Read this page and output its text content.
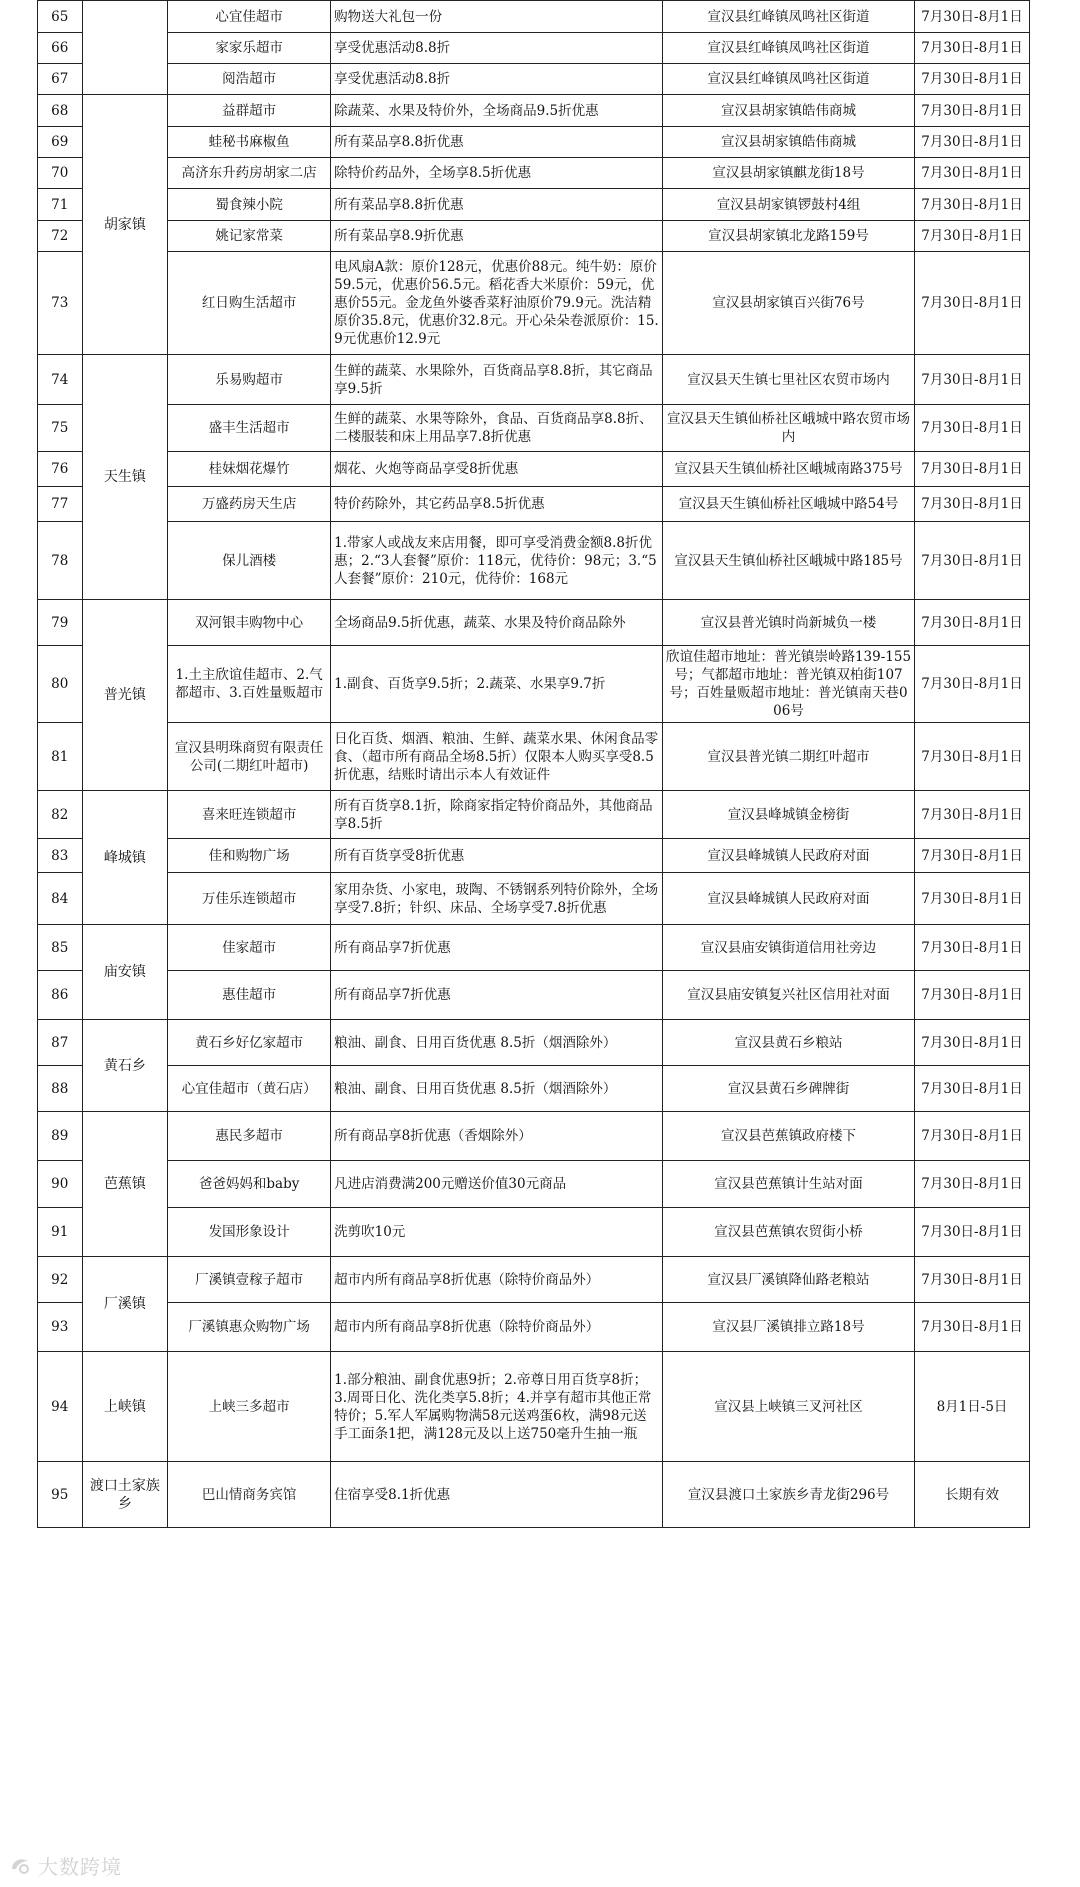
65		心宜佳超市	购物送大礼包一份	宣汉县红峰镇凤鸣社区街道	7月30日-8月1日
66		家家乐超市	享受优惠活动8.8折	宣汉县红峰镇凤鸣社区街道	7月30日-8月1日
67		阅浩超市	享受优惠活动8.8折	宣汉县红峰镇凤鸣社区街道	7月30日-8月1日
68	胡家镇	益群超市	除蔬菜、水果及特价外，全场商品9.5折优惠	宣汉县胡家镇皓伟商城	7月30日-8月1日
69		蛙秘书麻椒鱼	所有菜品享8.8折优惠	宣汉县胡家镇皓伟商城	7月30日-8月1日
70		高济东升药房胡家二店	除特价药品外，全场享8.5折优惠	宣汉县胡家镇麒龙街18号	7月30日-8月1日
71		蜀食辣小院	所有菜品享8.8折优惠	宣汉县胡家镇锣鼓村4组	7月30日-8月1日
72		姚记家常菜	所有菜品享8.9折优惠	宣汉县胡家镇北龙路159号	7月30日-8月1日
73		红日购生活超市	电风扇A款：原价128元，优惠价88元。纯牛奶：原价59.5元，优惠价56.5元。稻花香大米原价：59元，优惠价55元。金龙鱼外婆香菜籽油原价79.9元。洗洁精原价35.8元，优惠价32.8元。开心朵朵卷派原价：15.9元优惠价12.9元	宣汉县胡家镇百兴街76号	7月30日-8月1日
74	天生镇	乐易购超市	生鲜的蔬菜、水果除外，百货商品享8.8折，其它商品享9.5折	宣汉县天生镇七里社区农贸市场内	7月30日-8月1日
75		盛丰生活超市	生鲜的蔬菜、水果等除外，食品、百货商品享8.8折、二楼服装和床上用品享7.8折优惠	宣汉县天生镇仙桥社区峨城中路农贸市场内	7月30日-8月1日
76		桂妹烟花爆竹	烟花、火炮等商品享受8折优惠	宣汉县天生镇仙桥社区峨城南路375号	7月30日-8月1日
77		万盛药房天生店	特价药除外，其它药品享8.5折优惠	宣汉县天生镇仙桥社区峨城中路54号	7月30日-8月1日
78		保儿酒楼	1.带家人或战友来店用餐，即可享受消费金额8.8折优惠；2.“3人套餐”原价：118元，优待价：98元；3.“5人套餐”原价：210元，优待价：168元	宣汉县天生镇仙桥社区峨城中路185号	7月30日-8月1日
79	普光镇	双河银丰购物中心	全场商品9.5折优惠，蔬菜、水果及特价商品除外	宣汉县普光镇时尚新城负一楼	7月30日-8月1日
80		1.土主欣谊佳超市、2.气都超市、3.百姓量贩超市	1.副食、百货享9.5折；2.蔬菜、水果享9.7折	欣谊佳超市地址：普光镇崇岭路139-155号；气都超市地址：普光镇双柏街107号；百姓量贩超市地址：普光镇南天巷006号	7月30日-8月1日
81		宣汉县明珠商贸有限责任公司(二期红叶超市)	日化百货、烟酒、粮油、生鲜、蔬菜水果、休闲食品零食、（超市所有商品全场8.5折）仅限本人购买享受8.5折优惠，结账时请出示本人有效证件	宣汉县普光镇二期红叶超市	7月30日-8月1日
82	峰城镇	喜来旺连锁超市	所有百货享8.1折，除商家指定特价商品外，其他商品享8.5折	宣汉县峰城镇金榜街	7月30日-8月1日
83		佳和购物广场	所有百货享受8折优惠	宣汉县峰城镇人民政府对面	7月30日-8月1日
84		万佳乐连锁超市	家用杂货、小家电，玻陶、不锈钢系列特价除外，全场 享受7.8折；针织、床品、全场享受7.8折优惠	宣汉县峰城镇人民政府对面	7月30日-8月1日
85	庙安镇	佳家超市	所有商品享7折优惠	宣汉县庙安镇街道信用社旁边	7月30日-8月1日
86		惠佳超市	所有商品享7折优惠	宣汉县庙安镇复兴社区信用社对面	7月30日-8月1日
87	黄石乡	黄石乡好亿家超市	粮油、副食、日用百货优惠 8.5折（烟酒除外）	宣汉县黄石乡粮站	7月30日-8月1日
88		心宜佳超市（黄石店）	粮油、副食、日用百货优惠 8.5折（烟酒除外）	宣汉县黄石乡碑牌街	7月30日-8月1日
89	芭蕉镇	惠民多超市	所有商品享8折优惠（香烟除外）	宣汉县芭蕉镇政府楼下	7月30日-8月1日
90		爸爸妈妈和baby	凡进店消费满200元赠送价值30元商品	宣汉县芭蕉镇计生站对面	7月30日-8月1日
91		发国形象设计	洗剪吹10元	宣汉县芭蕉镇农贸街小桥	7月30日-8月1日
92	厂溪镇	厂溪镇壹稼子超市	超市内所有商品享8折优惠（除特价商品外）	宣汉县厂溪镇降仙路老粮站	7月30日-8月1日
93		厂溪镇惠众购物广场	超市内所有商品享8折优惠（除特价商品外）	宣汉县厂溪镇排立路18号	7月30日-8月1日
94	上峡镇	上峡三多超市	1.部分粮油、副食优惠9折；2.帝尊日用百货享8折；3.周哥日化、洗化类享5.8折；4.并享有超市其他正常特价；5.军人军属购物满58元送鸡蛋6枚，满98元送手工面条1把，满128元及以上送750毫升生抽一瓶	宣汉县上峡镇三叉河社区	8月1日-5日
95	渡口土家族乡	巴山情商务宾馆	住宿享受8.1折优惠	宣汉县渡口土家族乡青龙街296号	长期有效
大数跨境
